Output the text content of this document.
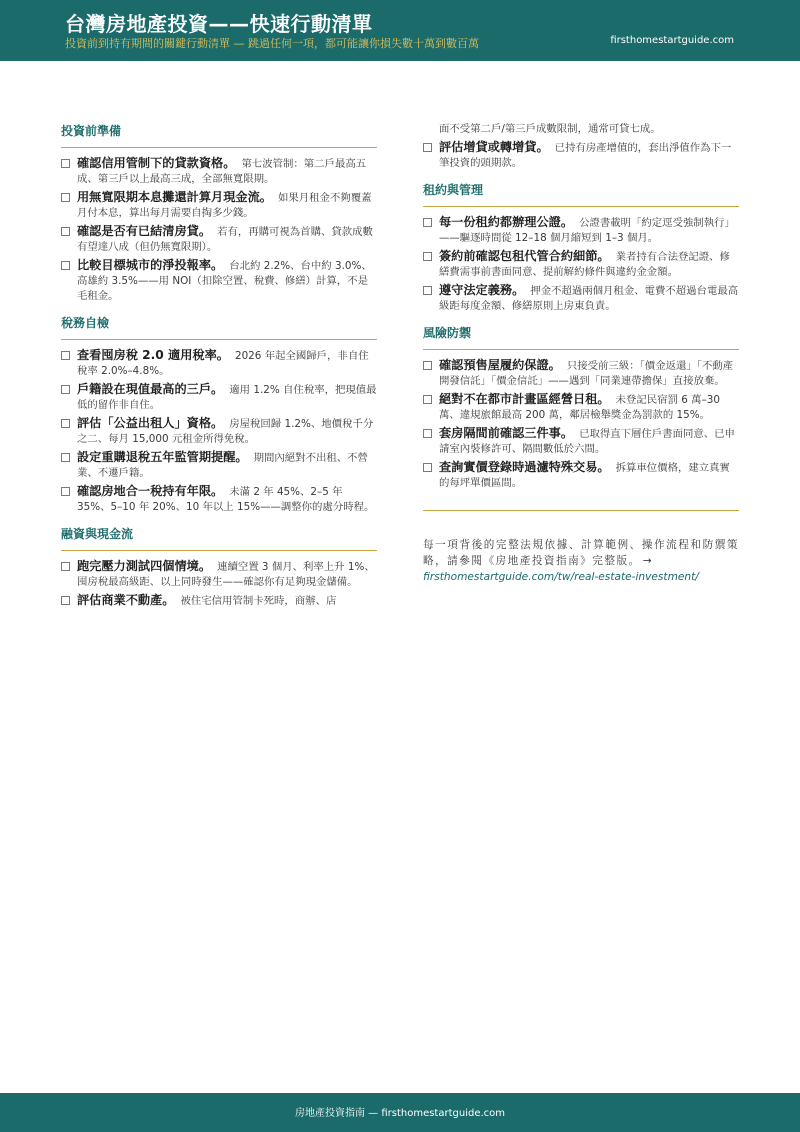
台灣房地產投資——快速行動清單
投資前到持有期間的關鍵行動清單 — 跳過任何一項，都可能讓你損失數十萬到數百萬	firsthomestartguide.com
投資前準備
確認信用管制下的貸款資格。 第七波管制：第二戶最高五成、第三戶以上最高三成，全部無寬限期。
用無寬限期本息攤還計算月現金流。 如果月租金不夠覆蓋月付本息，算出每月需要自掏多少錢。
確認是否有已結清房貸。 若有，再購可視為首購、貸款成數有望達八成（但仍無寬限期）。
比較目標城市的淨投報率。 台北約 2.2%、台中約 3.0%、高雄約 3.5%——用 NOI（扣除空置、稅費、修繕）計算，不是毛租金。
稅務自檢
查看囤房稅 2.0 適用稅率。 2026 年起全國歸戶，非自住稅率 2.0%–4.8%。
戶籍設在現值最高的三戶。 適用 1.2% 自住稅率，把現值最低的留作非自住。
評估「公益出租人」資格。 房屋稅回歸 1.2%、地價稅千分之二、每月 15,000 元租金所得免稅。
設定重購退稅五年監管期提醒。 期間內絕對不出租、不營業、不遷戶籍。
確認房地合一稅持有年限。 未滿 2 年 45%、2–5 年 35%、5–10 年 20%、10 年以上 15%——調整你的處分時程。
融資與現金流
跑完壓力測試四個情境。 連續空置 3 個月、利率上升 1%、囤房稅最高級距、以上同時發生——確認你有足夠現金儲備。
評估商業不動產。 被住宅信用管制卡死時，商辦、店
面不受第二戶/第三戶成數限制，通常可貸七成。
評估增貸或轉增貸。 已持有房產增值的，套出淨值作為下一筆投資的頭期款。
租約與管理
每一份租約都辦理公證。 公證書載明「約定逕受強制執行」——驅逐時間從 12–18 個月縮短到 1–3 個月。
簽約前確認包租代管合約細節。 業者持有合法登記證、修繕費需事前書面同意、提前解約條件與違約金金額。
遵守法定義務。 押金不超過兩個月租金、電費不超過台電最高級距每度金額、修繕原則上房東負責。
風險防禦
確認預售屋履約保證。 只接受前三級：「價金返還」「不動產開發信託」「價金信託」——遇到「同業連帶擔保」直接放棄。
絕對不在都市計畫區經營日租。 未登記民宿罰 6 萬–30 萬、違規旅館最高 200 萬，鄰居檢舉獎金為罰款的 15%。
套房隔間前確認三件事。 已取得直下層住戶書面同意、已申請室內裝修許可、隔間數低於六間。
查詢實價登錄時過濾特殊交易。 拆算車位價格，建立真實的每坪單價區間。
每一項背後的完整法規依據、計算範例、操作流程和防禦策略，請參閱《房地產投資指南》完整版。 →
firsthomestartguide.com/tw/real-estate-investment/
房地產投資指南 — firsthomestartguide.com
